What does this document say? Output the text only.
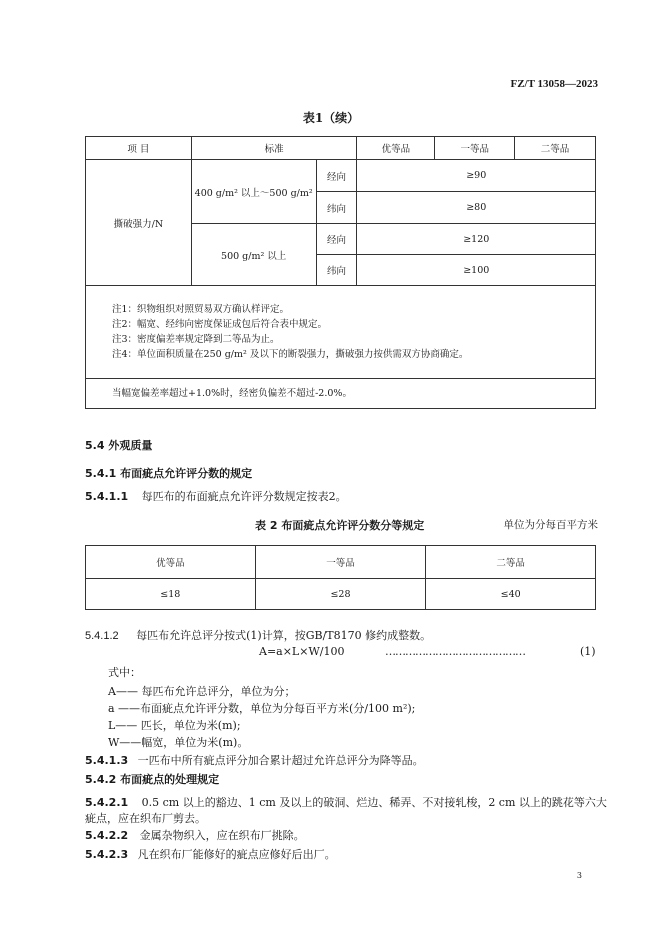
FZ/T 13058—2023
表1（续）
项 目	标准		优等品	一等品	二等品
撕破强力/N	400 g/m² 以上～500 g/m²	经向	≥90		
		纬向	≥80		
	500 g/m² 以上	经向	≥120		
		纬向	≥100		

注1：织物组织对照贸易双方确认样评定。
注2：幅宽、经纬向密度保证成包后符合表中规定。
注3：密度偏差率规定降到二等品为止。
注4：单位面积质量在250 g/m² 及以下的断裂强力，撕破强力按供需双方协商确定。					

当幅宽偏差率超过+1.0%时，经密负偏差不超过-2.0%。					
5.4 外观质量
5.4.1 布面疵点允许评分数的规定
5.4.1.1 每匹布的布面疵点允许评分数规定按表2。
表 2 布面疵点允许评分数分等规定	单位为分每百平方米
优等品	一等品	二等品
≤18	≤28	≤40
5.4.1.2 每匹布允许总评分按式(1)计算，按GB/T8170 修约成整数。
A=a×L×W/100	……………………………………	(1)
式中：
A—— 每匹布允许总评分，单位为分；
a ——布面疵点允许评分数，单位为分每百平方米(分/100 m²);
L—— 匹长，单位为米(m);
W——幅宽，单位为米(m)。
5.4.1.3 一匹布中所有疵点评分加合累计超过允许总评分为降等品。
5.4.2 布面疵点的处理规定
5.4.2.1 0.5 cm 以上的豁边、1 cm 及以上的破洞、烂边、稀弄、不对接轧梭，2 cm 以上的跳花等六大
疵点，应在织布厂剪去。
5.4.2.2 金属杂物织入，应在织布厂挑除。
5.4.2.3 凡在织布厂能修好的疵点应修好后出厂。
3
